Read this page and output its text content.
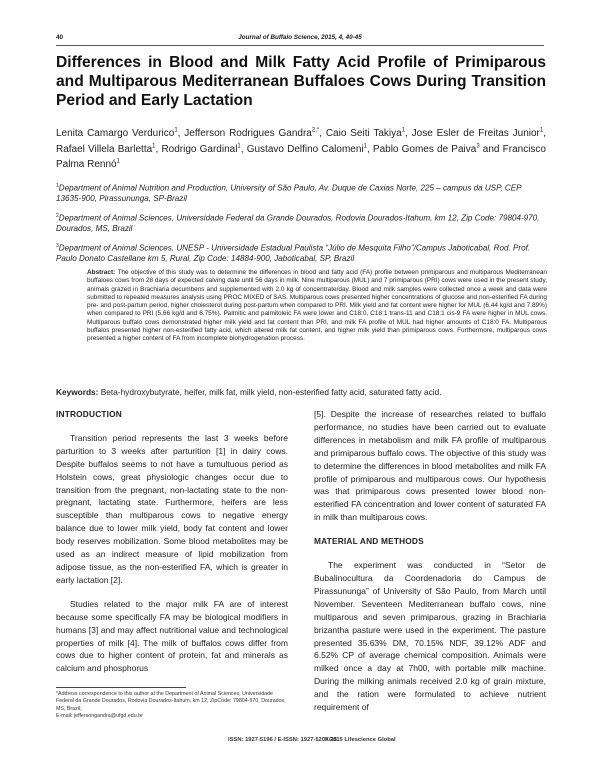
40	Journal of Buffalo Science, 2015, 4, 40-45
Differences in Blood and Milk Fatty Acid Profile of Primiparous and Multiparous Mediterranean Buffaloes Cows During Transition Period and Early Lactation
Lenita Camargo Verdurico$^1$, Jefferson Rodrigues Gandra$^{2,*}$, Caio Seiti Takiya$^1$, Jose Esler de Freitas Junior$^1$, Rafael Villela Barletta$^1$, Rodrigo Gardinal$^1$, Gustavo Delfino Calomeni$^1$, Pablo Gomes de Paiva$^3$ and Francisco Palma Rennó$^1$
$^1$Department of Animal Nutrition and Production, University of São Paulo, Av. Duque de Caxias Norte, 225 – campus da USP, CEP 13635-900, Pirassununga, SP-Brazil
$^2$Department of Animal Sciences, Universidade Federal da Grande Dourados, Rodovia Dourados-Itahum, km 12, Zip Code: 79804-970, Dourados, MS, Brazil
$^3$Department of Animal Sciences, UNESP - Universidade Estadual Paulista “Júlio de Mesquita Filho”/Campus Jaboticabal, Rod. Prof. Paulo Donato Castellane km 5, Rural, Zip Code: 14884-900, Jaboticabal, SP, Brazil
Abstract: The objective of this study was to determine the differences in blood and fatty acid (FA) profile between primiparous and multiparous Mediterranean buffaloes cows from 28 days of expected calving date until 56 days in milk. Nine multiparous (MUL) and 7 primiparous (PRI) cows were used in the present study, animals grazed in Brachiaria decumbens and supplemented with 2.0 kg of concentrate/day. Blood and milk samples were collected once a week and data were submitted to repeated measures analysis using PROC MIXED of SAS. Multiparous cows presented higher concentrations of glucose and non-esterified FA during pre- and post-partum period, higher cholesterol during post-partum when compared to PRI. Milk yield and fat content were higher for MUL (6.44 kg/d and 7.89%) when compared to PRI (5.66 kg/d and 6.75%). Palmitic and palmitoleic FA were lower and C18:0, C18:1 trans-11 and C18:1 cis-9 FA were higher in MUL cows. Multiparous buffalo cows demonstrated higher milk yield and fat content than PRI, and milk FA profile of MUL had higher amounts of C18:0 FA. Multiparous buffalos presented higher non-esterified fatty acid, which altered milk fat content, and higher milk yield than primiparous cows. Furthermore, multiparous cows presented a higher content of FA from incomplete biohydrogenation process.
Keywords: Beta-hydroxybutyrate, heifer, milk fat, milk yield, non-esterified fatty acid, saturated fatty acid.

INTRODUCTION

Transition period represents the last 3 weeks before parturition to 3 weeks after parturition [1] in dairy cows. Despite buffalos seems to not have a tumultuous period as Holstein cows, great physiologic changes occur due to transition from the pregnant, non-lactating state to the non-pregnant, lactating state. Furthermore, heifers are less susceptible than multiparous cows to negative energy balance due to lower milk yield, body fat content and lower body reserves mobilization. Some blood metabolites may be used as an indirect measure of lipid mobilization from adipose tissue, as the non-esterified FA, which is greater in early lactation [2].

Studies related to the major milk FA are of interest because some specifically FA may be biological modifiers in humans [3] and may affect nutritional value and technological properties of milk [4]. The milk of buffalos cows differ from cows due to higher content of protein, fat and minerals as calcium and phosphorus

[5]. Despite the increase of researches related to buffalo performance, no studies have been carried out to evaluate differences in metabolism and milk FA profile of multiparous and primiparous buffalo cows. The objective of this study was to determine the differences in blood metabolites and milk FA profile of primiparous and multiparous cows. Our hypothesis was that primiparous cows presented lower blood non-esterified FA concentration and lower content of saturated FA in milk than multiparous cows.

MATERIAL AND METHODS

The experiment was conducted in “Setor de Bubalinocultura da Coordenadoria do Campus de Pirassununga” of University of São Paulo, from March until November. Seventeen Mediterranean buffalo cows, nine multiparous and seven primiparous, grazing in Brachiaria brizantha pasture were used in the experiment. The pasture presented 35.63% DM, 70.15% NDF, 39.12% ADF and 6.52% CP of average chemical composition. Animals were milked once a day at 7h00, with portable milk machine. During the milking animals received 2.0 kg of grain mixture, and the ration were formulated to achieve nutrient requirement of

*Address correspondence to this author at the Department of Animal Sciences, Universidade Federal da Grande Dourados, Rodovia Dourados-Itahum, km 12, ZipCode: 79804-970, Dourados, MS, Brazil;
E-mail: jeffersongandra@ufgd.edu.br
ISSN: 1927-5196 / E-ISSN: 1927-520X/15
© 2015 Lifescience Global
